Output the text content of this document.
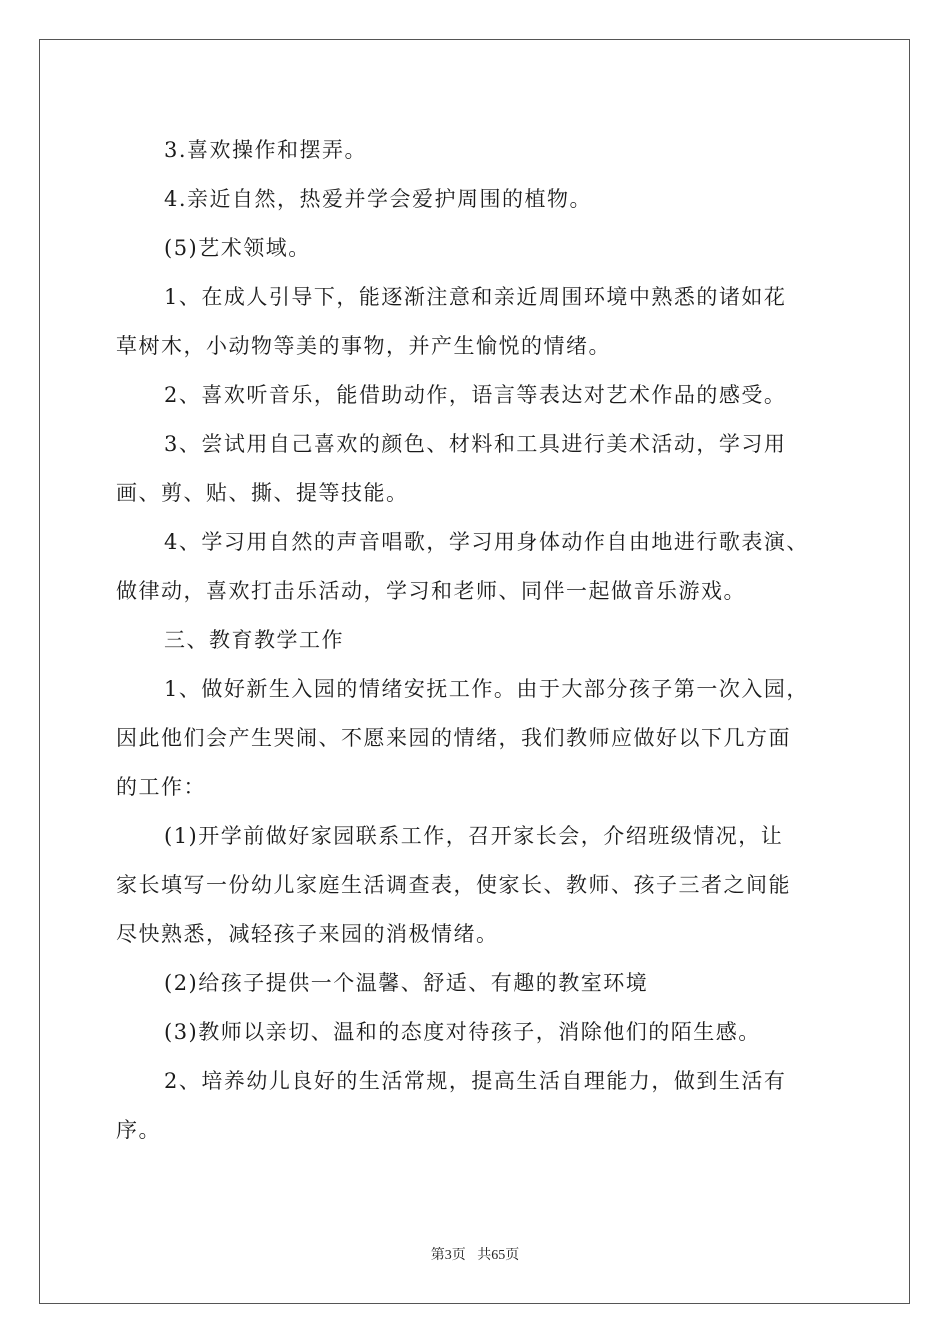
3.喜欢操作和摆弄。

4.亲近自然，热爱并学会爱护周围的植物。

(5)艺术领域。

1、在成人引导下，能逐渐注意和亲近周围环境中熟悉的诸如花
草树木，小动物等美的事物，并产生愉悦的情绪。

2、喜欢听音乐，能借助动作，语言等表达对艺术作品的感受。

3、尝试用自己喜欢的颜色、材料和工具进行美术活动，学习用
画、剪、贴、撕、提等技能。

4、学习用自然的声音唱歌，学习用身体动作自由地进行歌表演、
做律动，喜欢打击乐活动，学习和老师、同伴一起做音乐游戏。

三、教育教学工作

1、做好新生入园的情绪安抚工作。由于大部分孩子第一次入园，
因此他们会产生哭闹、不愿来园的情绪，我们教师应做好以下几方面
的工作：

(1)开学前做好家园联系工作，召开家长会，介绍班级情况，让
家长填写一份幼儿家庭生活调查表，使家长、教师、孩子三者之间能
尽快熟悉，减轻孩子来园的消极情绪。

(2)给孩子提供一个温馨、舒适、有趣的教室环境

(3)教师以亲切、温和的态度对待孩子，消除他们的陌生感。

2、培养幼儿良好的生活常规，提高生活自理能力，做到生活有
序。

第3页 共65页
